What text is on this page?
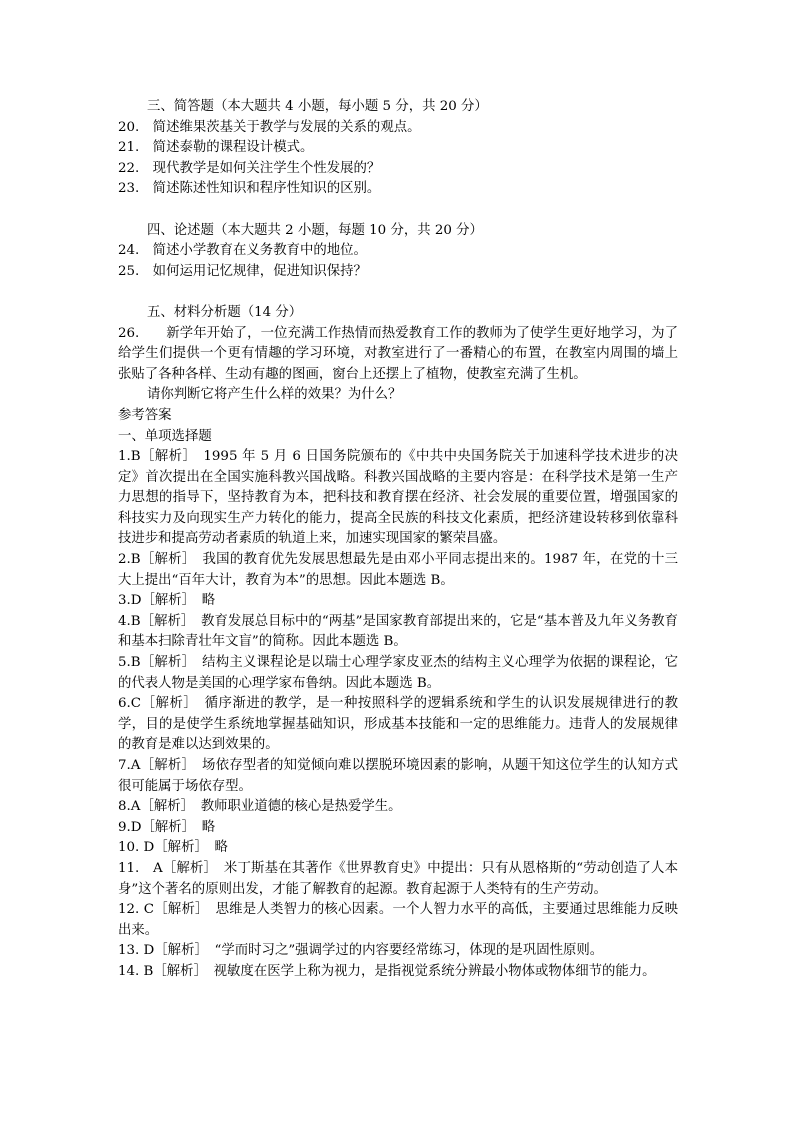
三、简答题（本大题共 4 小题，每小题 5 分，共 20 分）
20.　简述维果茨基关于教学与发展的关系的观点。
21.　简述泰勒的课程设计模式。
22.　现代教学是如何关注学生个性发展的？
23.　简述陈述性知识和程序性知识的区别。
四、论述题（本大题共 2 小题，每题 10 分，共 20 分）
24.　简述小学教育在义务教育中的地位。
25.　如何运用记忆规律，促进知识保持？
五、材料分析题（14 分）
26.　　新学年开始了，一位充满工作热情而热爱教育工作的教师为了使学生更好地学习，为了给学生们提供一个更有情趣的学习环境，对教室进行了一番精心的布置，在教室内周围的墙上张贴了各种各样、生动有趣的图画，窗台上还摆上了植物，使教室充满了生机。
请你判断它将产生什么样的效果？为什么？
参考答案
一、单项选择题
1.B［解析］　1995 年 5 月 6 日国务院颁布的《中共中央国务院关于加速科学技术进步的决定》首次提出在全国实施科教兴国战略。科教兴国战略的主要内容是：在科学技术是第一生产力思想的指导下，坚持教育为本，把科技和教育摆在经济、社会发展的重要位置，增强国家的科技实力及向现实生产力转化的能力，提高全民族的科技文化素质，把经济建设转移到依靠科技进步和提高劳动者素质的轨道上来，加速实现国家的繁荣昌盛。
2.B［解析］　我国的教育优先发展思想最先是由邓小平同志提出来的。1987 年，在党的十三大上提出“百年大计，教育为本”的思想。因此本题选 B。
3.D［解析］　略
4.B［解析］　教育发展总目标中的“两基”是国家教育部提出来的，它是“基本普及九年义务教育和基本扫除青壮年文盲”的简称。因此本题选 B。
5.B［解析］　结构主义课程论是以瑞士心理学家皮亚杰的结构主义心理学为依据的课程论，它的代表人物是美国的心理学家布鲁纳。因此本题选 B。
6.C［解析］　循序渐进的教学，是一种按照科学的逻辑系统和学生的认识发展规律进行的教学，目的是使学生系统地掌握基础知识，形成基本技能和一定的思维能力。违背人的发展规律的教育是难以达到效果的。
7.A［解析］　场依存型者的知觉倾向难以摆脱环境因素的影响，从题干知这位学生的认知方式很可能属于场依存型。
8.A［解析］　教师职业道德的核心是热爱学生。
9.D［解析］　略
10. D［解析］　略
11.　A［解析］　米丁斯基在其著作《世界教育史》中提出：只有从恩格斯的“劳动创造了人本身”这个著名的原则出发，才能了解教育的起源。教育起源于人类特有的生产劳动。
12. C［解析］　思维是人类智力的核心因素。一个人智力水平的高低，主要通过思维能力反映出来。
13. D［解析］　“学而时习之”强调学过的内容要经常练习，体现的是巩固性原则。
14. B［解析］　视敏度在医学上称为视力，是指视觉系统分辨最小物体或物体细节的能力。
